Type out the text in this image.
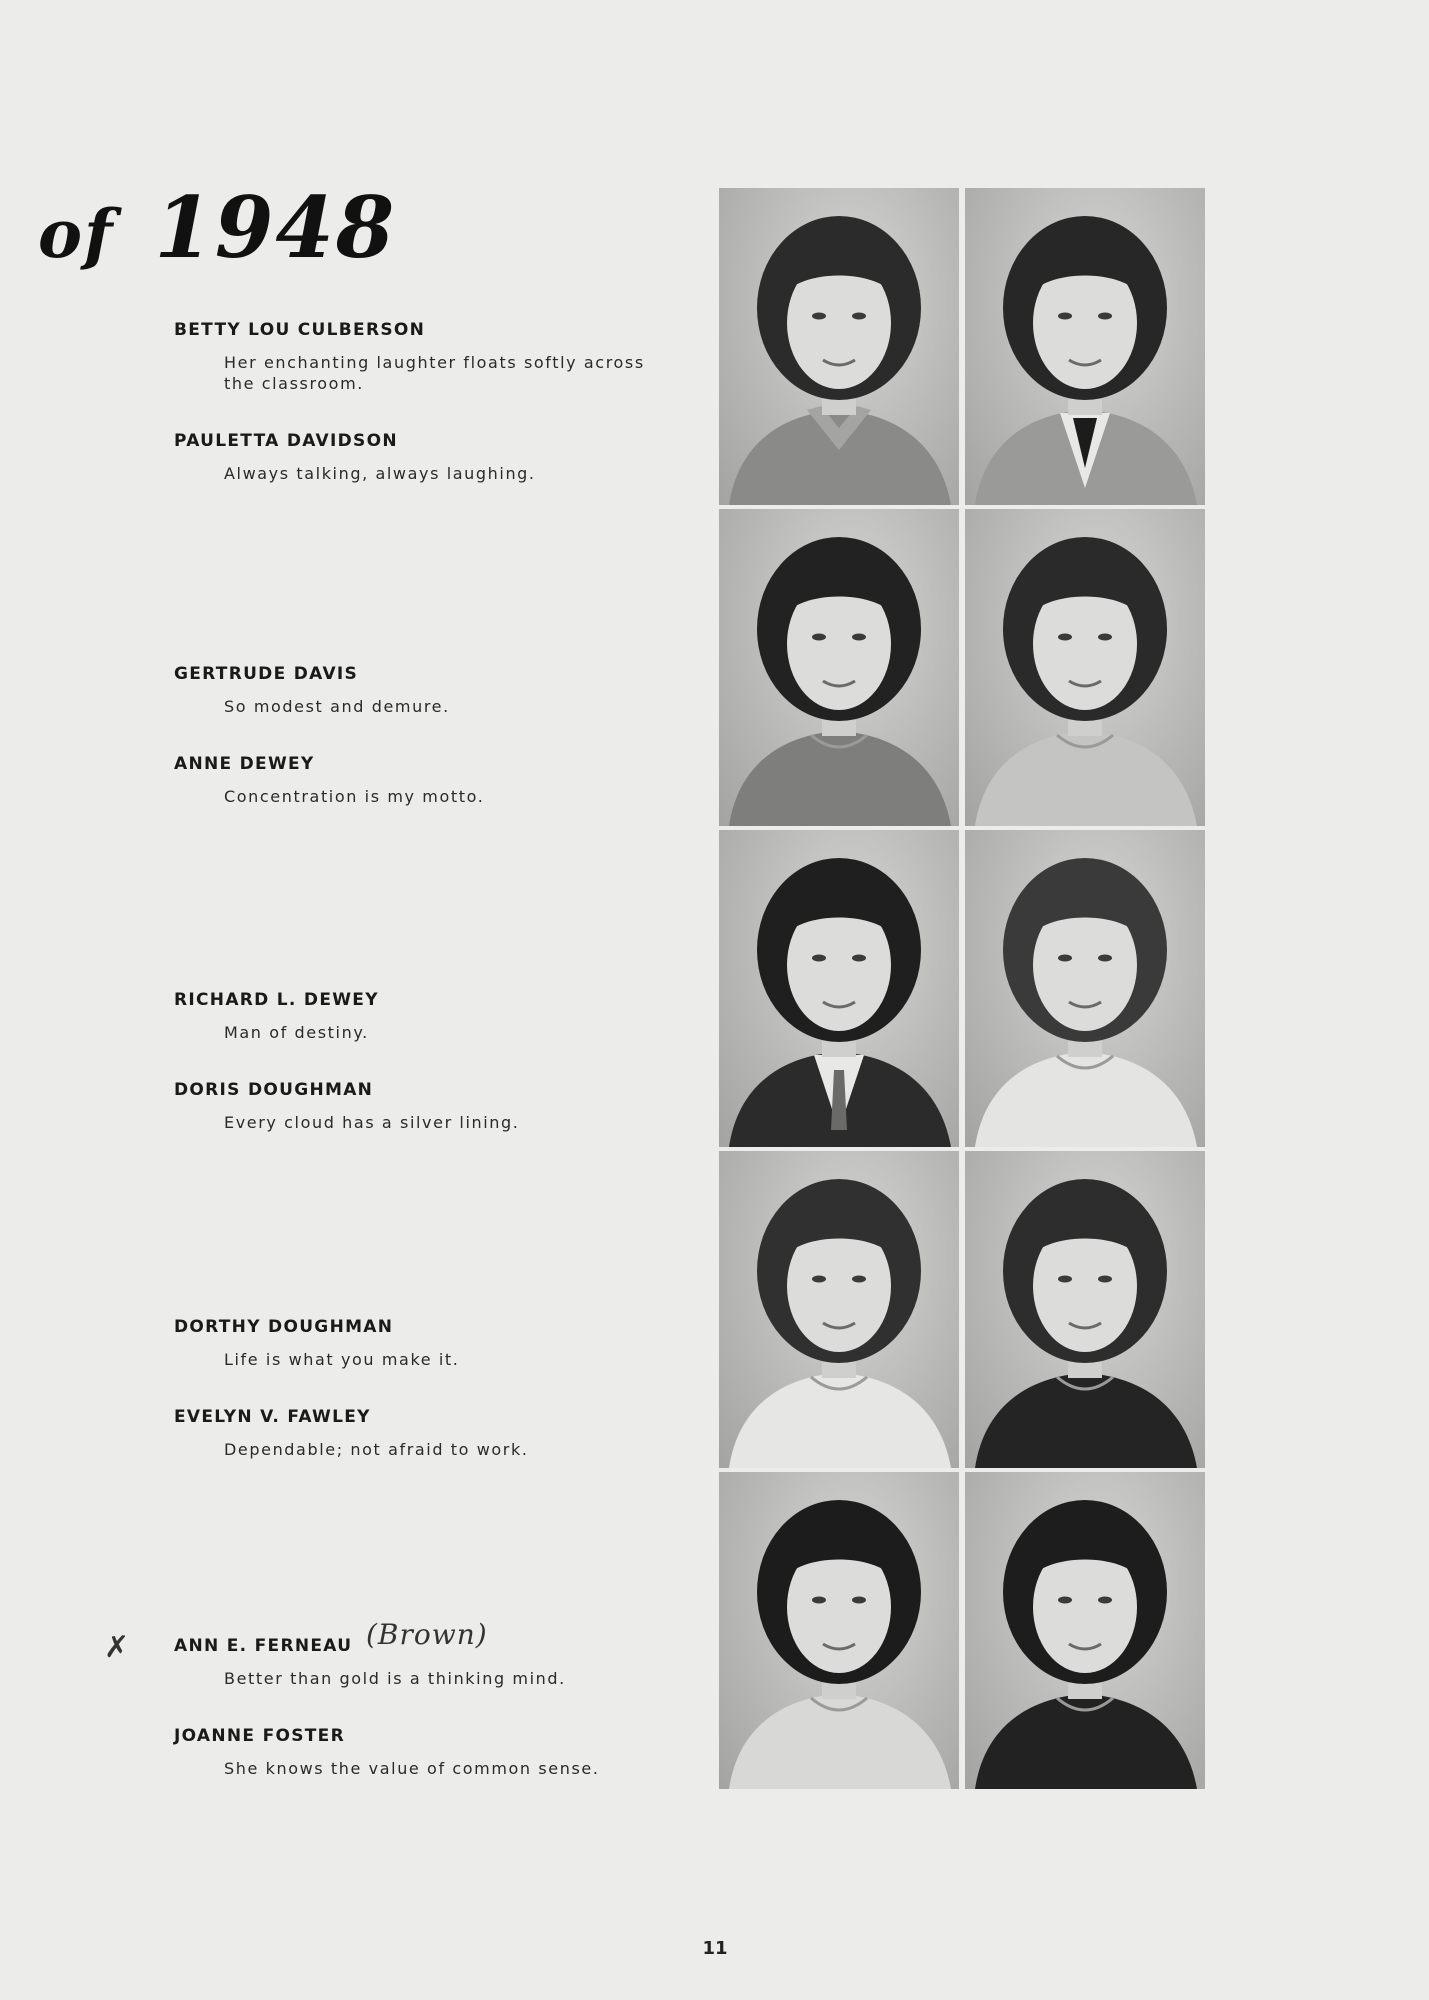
of 1948
BETTY LOU CULBERSON
Her enchanting laughter floats softly across the classroom.
PAULETTA DAVIDSON
Always talking, always laughing.
GERTRUDE DAVIS
So modest and demure.
ANNE DEWEY
Concentration is my motto.
RICHARD L. DEWEY
Man of destiny.
DORIS DOUGHMAN
Every cloud has a silver lining.
DORTHY DOUGHMAN
Life is what you make it.
EVELYN V. FAWLEY
Dependable; not afraid to work.
ANN E. FERNEAU
Better than gold is a thinking mind.
JOANNE FOSTER
She knows the value of common sense.
✗	(Brown)
11
